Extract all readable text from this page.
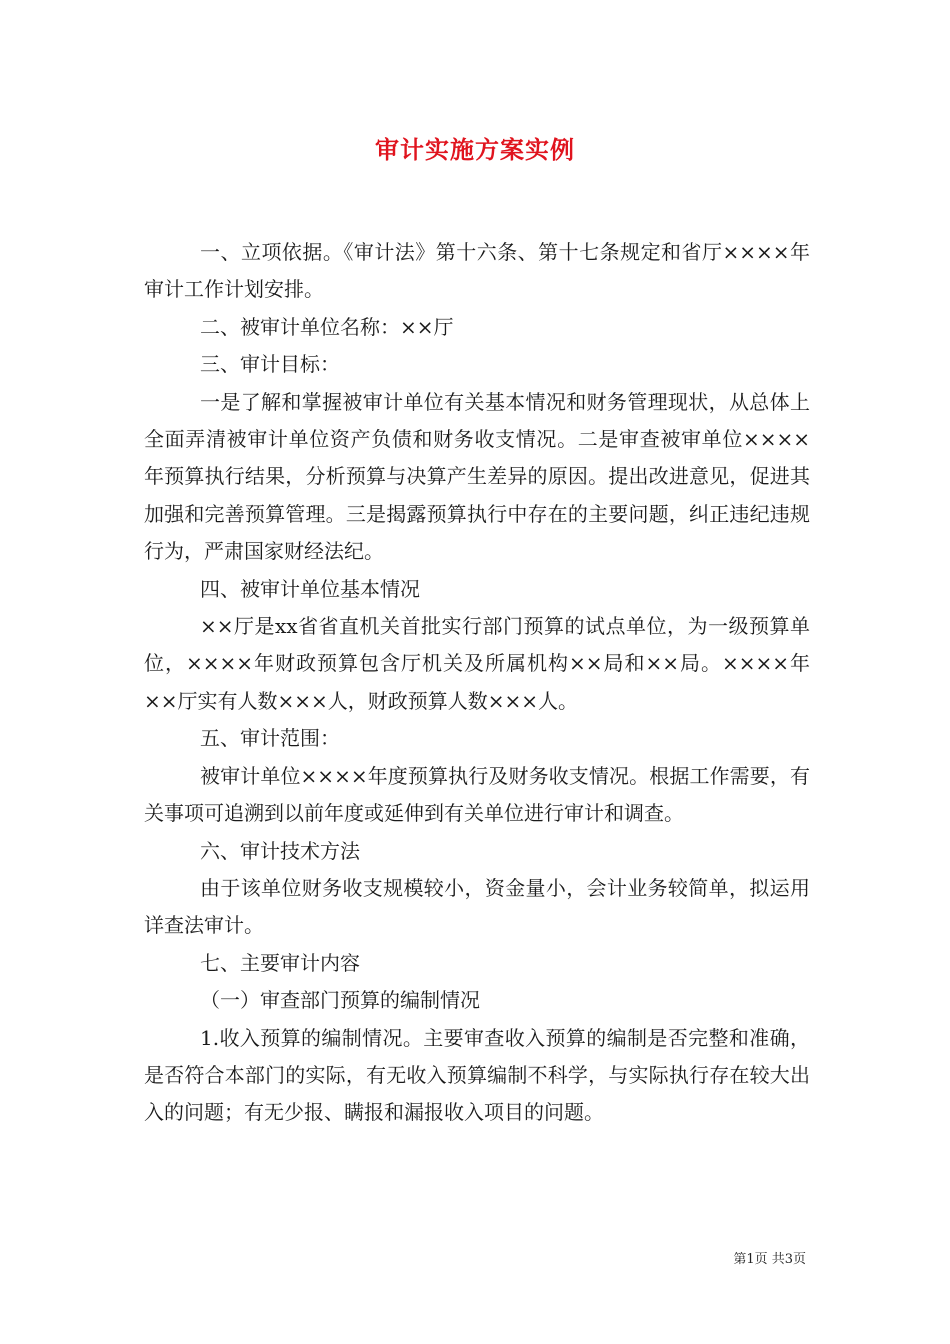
审计实施方案实例

一、立项依据。《审计法》第十六条、第十七条规定和省厅××××年审计工作计划安排。

二、被审计单位名称：××厅

三、审计目标：

一是了解和掌握被审计单位有关基本情况和财务管理现状，从总体上全面弄清被审计单位资产负债和财务收支情况。二是审查被审单位××××年预算执行结果，分析预算与决算产生差异的原因。提出改进意见，促进其加强和完善预算管理。三是揭露预算执行中存在的主要问题，纠正违纪违规行为，严肃国家财经法纪。

四、被审计单位基本情况

××厅是xx省省直机关首批实行部门预算的试点单位，为一级预算单位，××××年财政预算包含厅机关及所属机构××局和××局。××××年××厅实有人数×××人，财政预算人数×××人。

五、审计范围：

被审计单位××××年度预算执行及财务收支情况。根据工作需要，有关事项可追溯到以前年度或延伸到有关单位进行审计和调查。

六、审计技术方法

由于该单位财务收支规模较小，资金量小，会计业务较简单，拟运用详查法审计。

七、主要审计内容

（一）审查部门预算的编制情况

1.收入预算的编制情况。主要审查收入预算的编制是否完整和准确，是否符合本部门的实际，有无收入预算编制不科学，与实际执行存在较大出入的问题；有无少报、瞒报和漏报收入项目的问题。

第1页 共3页
